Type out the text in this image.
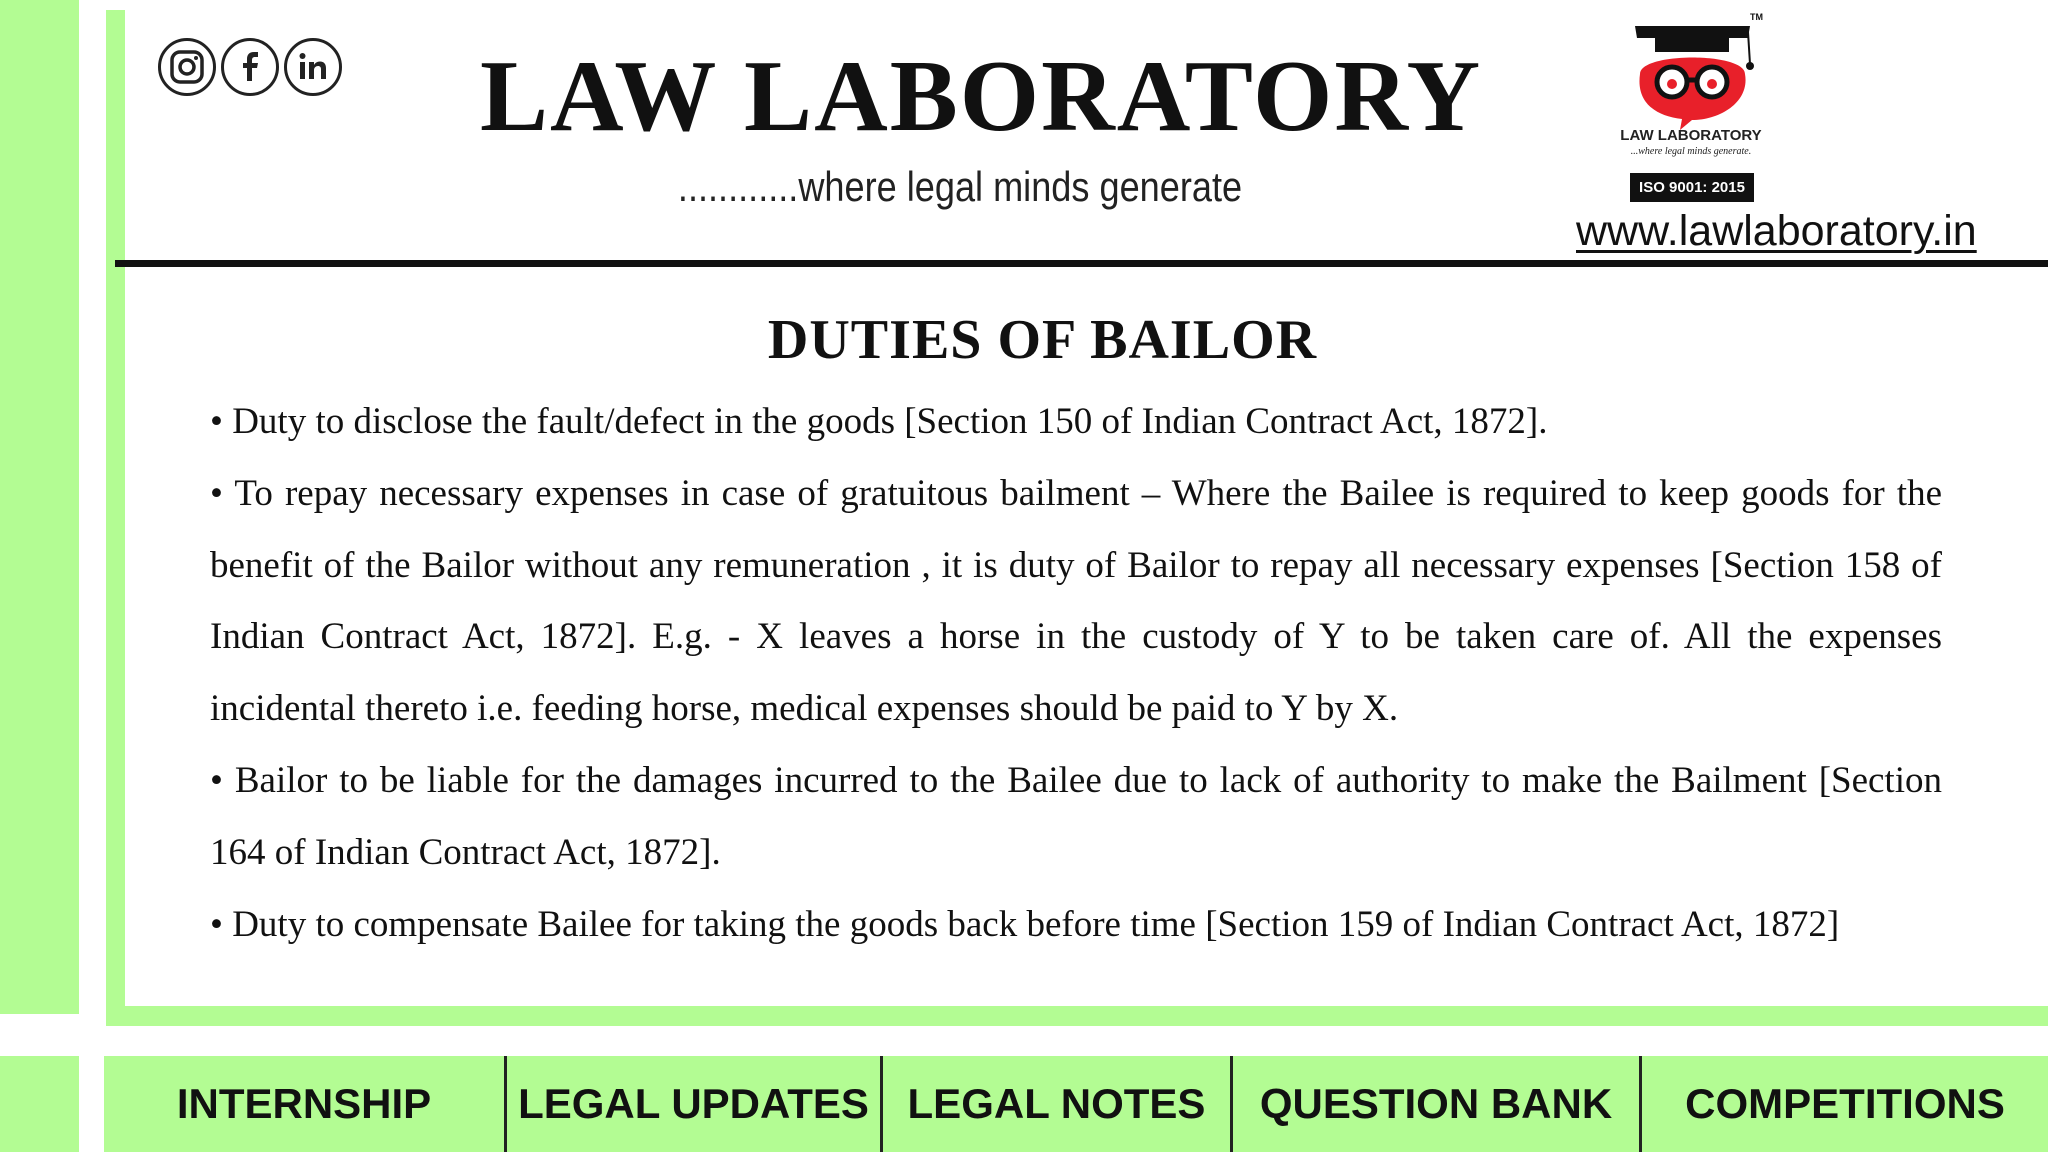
LAW LABORATORY
............where legal minds generate
TM
LAW LABORATORY
...where legal minds generate.
ISO 9001: 2015
www.lawlaboratory.in
DUTIES OF BAILOR

• Duty to disclose the fault/defect in the goods [Section 150 of Indian Contract Act, 1872].

• To repay necessary expenses in case of gratuitous bailment – Where the Bailee is required to keep goods for the benefit of the Bailor without any remuneration , it is duty of Bailor to repay all necessary expenses [Section 158 of Indian Contract Act, 1872]. E.g. - X leaves a horse in the custody of Y to be taken care of. All the expenses incidental thereto i.e. feeding horse, medical expenses should be paid to Y by X.

• Bailor to be liable for the damages incurred to the Bailee due to lack of authority to make the Bailment [Section 164 of Indian Contract Act, 1872].

• Duty to compensate Bailee for taking the goods back before time [Section 159 of Indian Contract Act, 1872]

INTERNSHIP	LEGAL UPDATES LEGAL NOTES	QUESTION BANK	COMPETITIONS
